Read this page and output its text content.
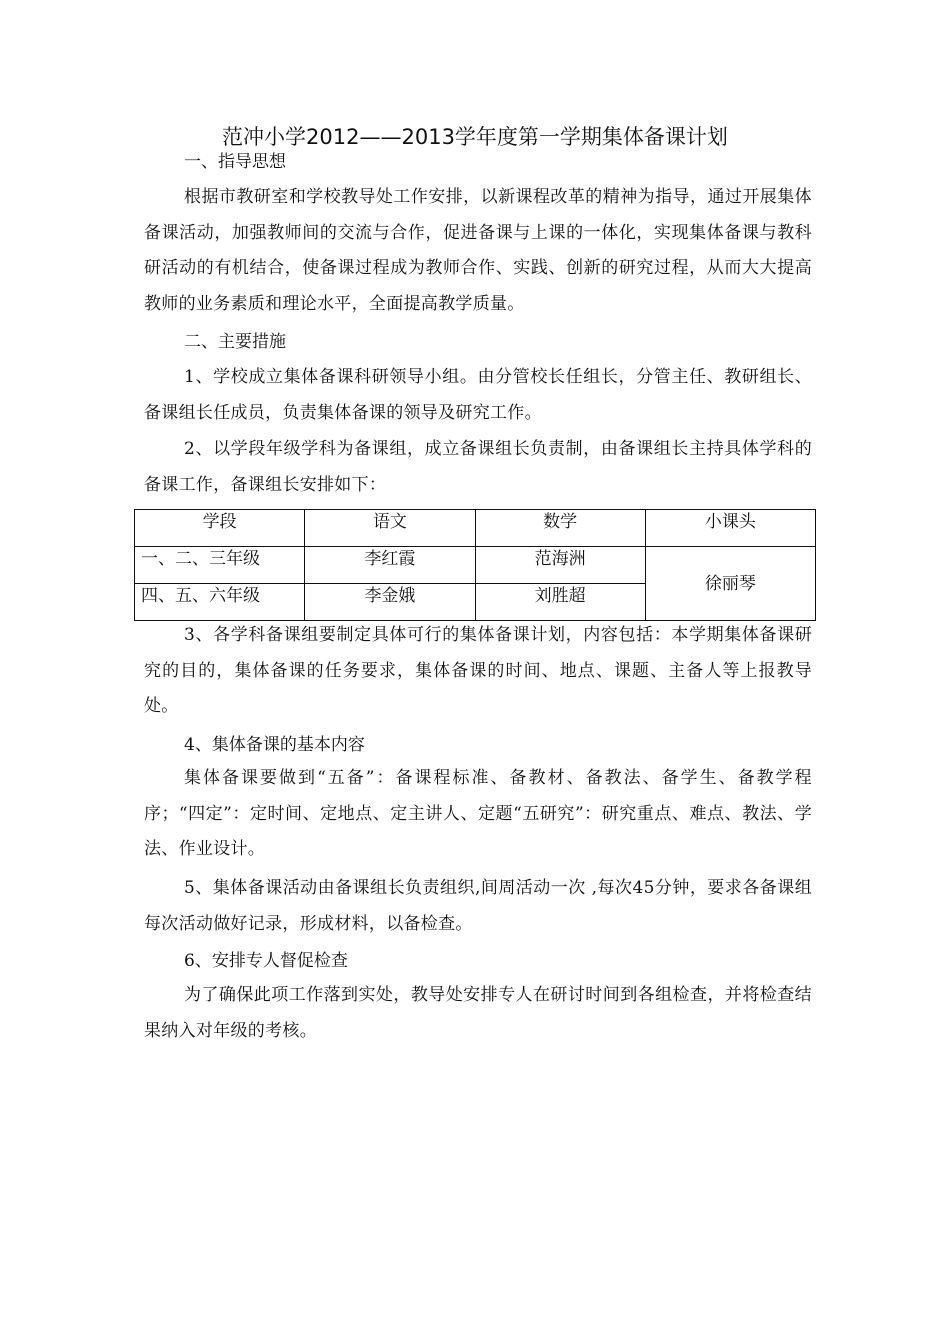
范冲小学2012——2013学年度第一学期集体备课计划

一、指导思想

根据市教研室和学校教导处工作安排，以新课程改革的精神为指导，通过开展集体备课活动，加强教师间的交流与合作，促进备课与上课的一体化，实现集体备课与教科研活动的有机结合，使备课过程成为教师合作、实践、创新的研究过程，从而大大提高教师的业务素质和理论水平，全面提高教学质量。

二、主要措施

1、学校成立集体备课科研领导小组。由分管校长任组长，分管主任、教研组长、备课组长任成员，负责集体备课的领导及研究工作。

2、以学段年级学科为备课组，成立备课组长负责制，由备课组长主持具体学科的备课工作，备课组长安排如下：

学段	语文	数学	小课头
一、二、三年级	李红霞	范海洲	徐丽琴
四、五、六年级	李金娥	刘胜超	

3、各学科备课组要制定具体可行的集体备课计划，内容包括：本学期集体备课研究的目的，集体备课的任务要求，集体备课的时间、地点、课题、主备人等上报教导处。

4、集体备课的基本内容

集体备课要做到“五备”：备课程标准、备教材、备教法、备学生、备教学程序；“四定”：定时间、定地点、定主讲人、定题“五研究”：研究重点、难点、教法、学法、作业设计。

5、集体备课活动由备课组长负责组织,间周活动一次 ,每次45分钟，要求各备课组每次活动做好记录，形成材料，以备检查。

6、安排专人督促检查

为了确保此项工作落到实处，教导处安排专人在研讨时间到各组检查，并将检查结果纳入对年级的考核。
